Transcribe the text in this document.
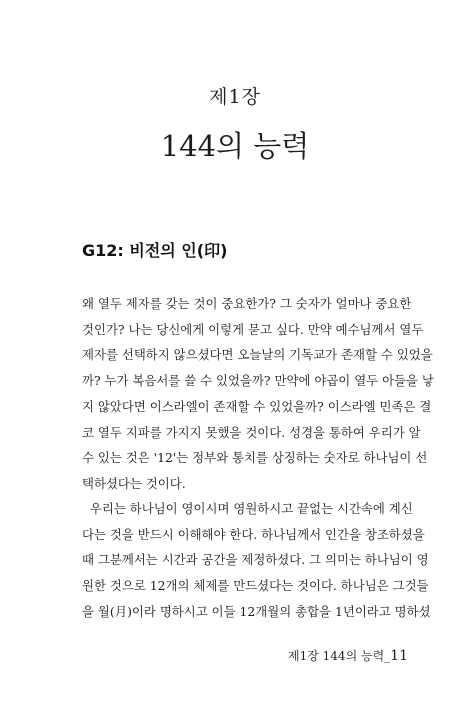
제1장
144의 능력
G12: 비전의 인(印)
왜 열두 제자를 갖는 것이 중요한가? 그 숫자가 얼마나 중요한
것인가? 나는 당신에게 이렇게 묻고 싶다. 만약 예수님께서 열두
제자를 선택하지 않으셨다면 오늘날의 기독교가 존재할 수 있었을
까? 누가 복음서를 쓸 수 있었을까? 만약에 야곱이 열두 아들을 낳
지 않았다면 이스라엘이 존재할 수 있었을까? 이스라엘 민족은 결
코 열두 지파를 가지지 못했을 것이다. 성경을 통하여 우리가 알
수 있는 것은 '12'는 정부와 통치를 상징하는 숫자로 하나님이 선
택하셨다는 것이다.
우리는 하나님이 영이시며 영원하시고 끝없는 시간속에 계신
다는 것을 반드시 이해해야 한다. 하나님께서 인간을 창조하셨을
때 그분께서는 시간과 공간을 제정하셨다. 그 의미는 하나님이 영
원한 것으로 12개의 체제를 만드셨다는 것이다. 하나님은 그것들
을 월(月)이라 명하시고 이들 12개월의 총합을 1년이라고 명하셨
제1장 144의 능력_11
